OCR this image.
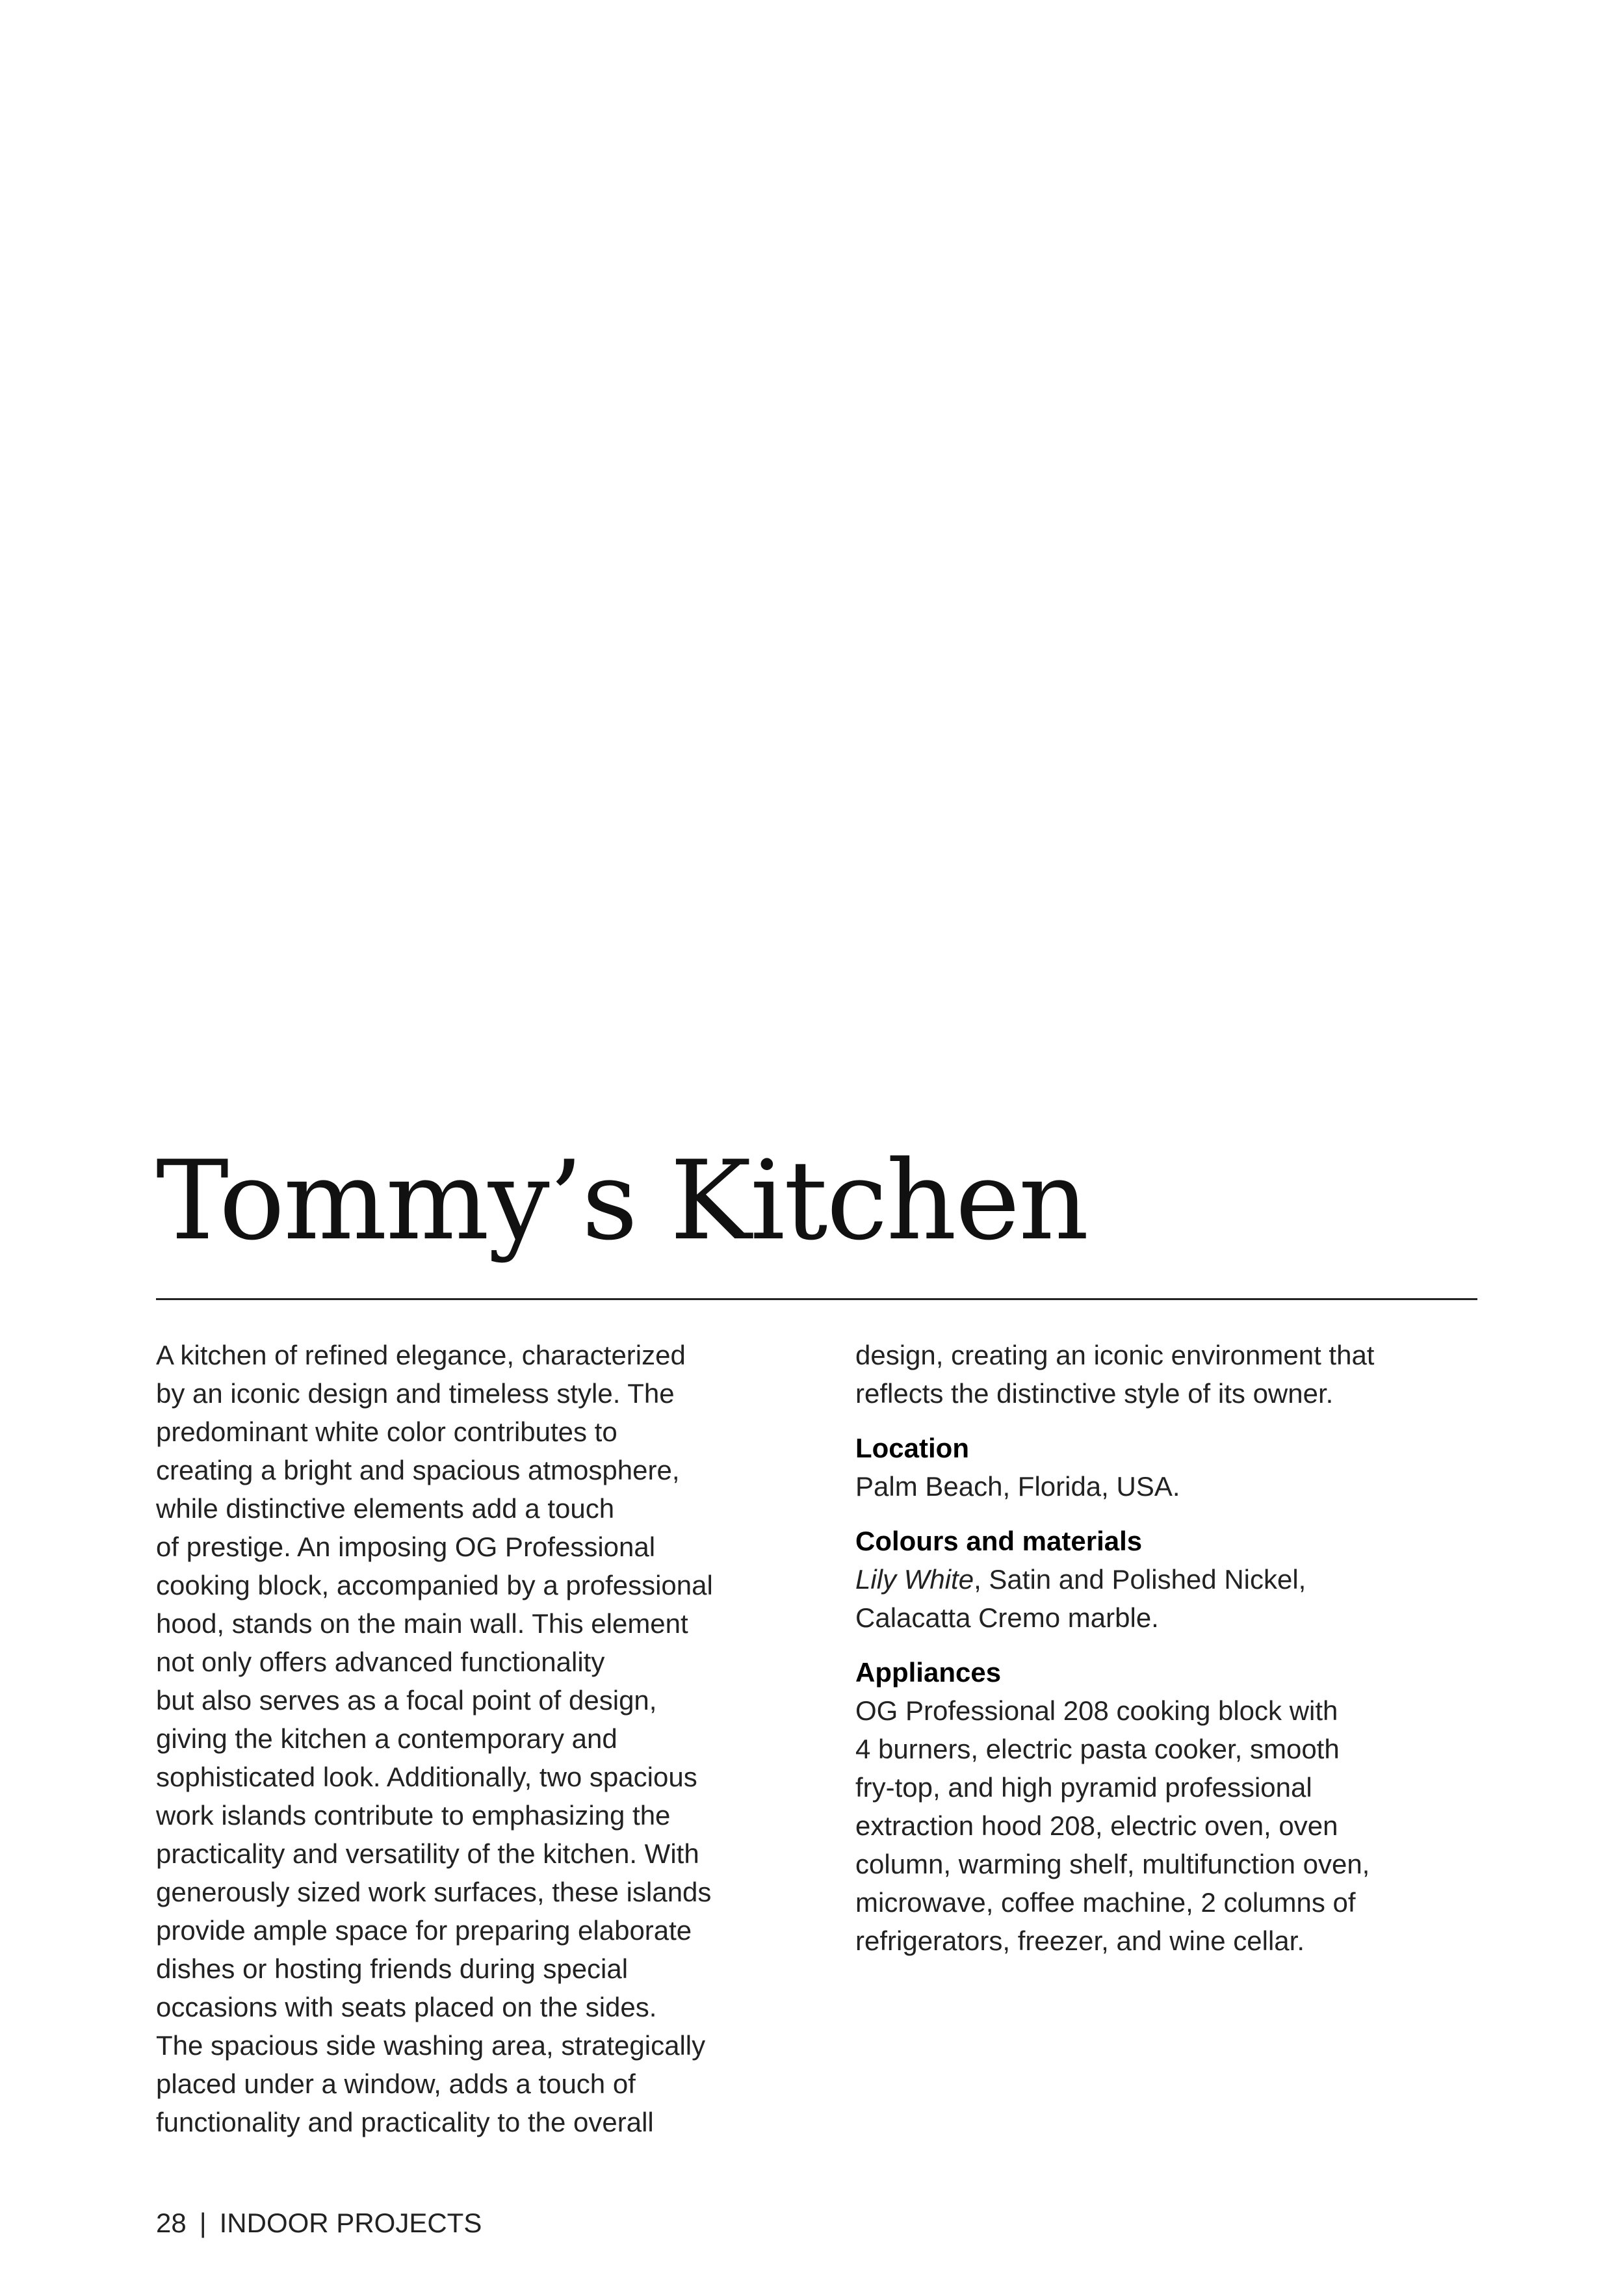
Tommy’s Kitchen
A kitchen of refined elegance, characterized
by an iconic design and timeless style. The
predominant white color contributes to
creating a bright and spacious atmosphere,
while distinctive elements add a touch
of prestige. An imposing OG Professional
cooking block, accompanied by a professional
hood, stands on the main wall. This element
not only offers advanced functionality
but also serves as a focal point of design,
giving the kitchen a contemporary and
sophisticated look. Additionally, two spacious
work islands contribute to emphasizing the
practicality and versatility of the kitchen. With
generously sized work surfaces, these islands
provide ample space for preparing elaborate
dishes or hosting friends during special
occasions with seats placed on the sides.
The spacious side washing area, strategically
placed under a window, adds a touch of
functionality and practicality to the overall
design, creating an iconic environment that
reflects the distinctive style of its owner.
Location
Palm Beach, Florida, USA.
Colours and materials
Lily White, Satin and Polished Nickel,
Calacatta Cremo marble.
Appliances
OG Professional 208 cooking block with
4 burners, electric pasta cooker, smooth
fry-top, and high pyramid professional
extraction hood 208, electric oven, oven
column, warming shelf, multifunction oven,
microwave, coffee machine, 2 columns of
refrigerators, freezer, and wine cellar.
28 | INDOOR PROJECTS
